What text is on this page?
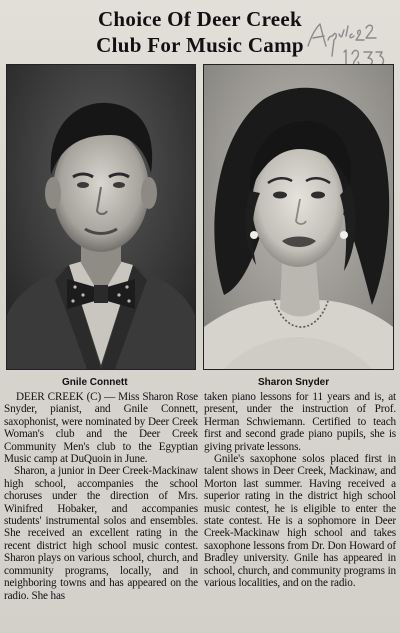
Choice Of Deer Creek
Club For Music Camp
Gnile Connett	Sharon Snyder

DEER CREEK (C) — Miss Sharon Rose Snyder, pianist, and Gnile Connett, saxophonist, were nominated by Deer Creek Woman's club and the Deer Creek Community Men's club to the Egyptian Music camp at DuQuoin in June.

Sharon, a junior in Deer Creek-Mackinaw high school, accompanies the school choruses under the direction of Mrs. Winifred Hobaker, and accompanies students' instrumental solos and ensembles. She received an excellent rating in the recent district high school music contest. Sharon plays on various school, church, and community programs, locally, and in neighboring towns and has appeared on the radio. She has

taken piano lessons for 11 years and is, at present, under the instruction of Prof. Herman Schwiemann. Certified to teach first and second grade piano pupils, she is giving private lessons.

Gnile's saxophone solos placed first in talent shows in Deer Creek, Mackinaw, and Morton last summer. Having received a superior rating in the district high school music contest, he is eligible to enter the state contest. He is a sophomore in Deer Creek-Mackinaw high school and takes saxophone lessons from Dr. Don Howard of Bradley university. Gnile has appeared in school, church, and community programs in various localities, and on the radio.
